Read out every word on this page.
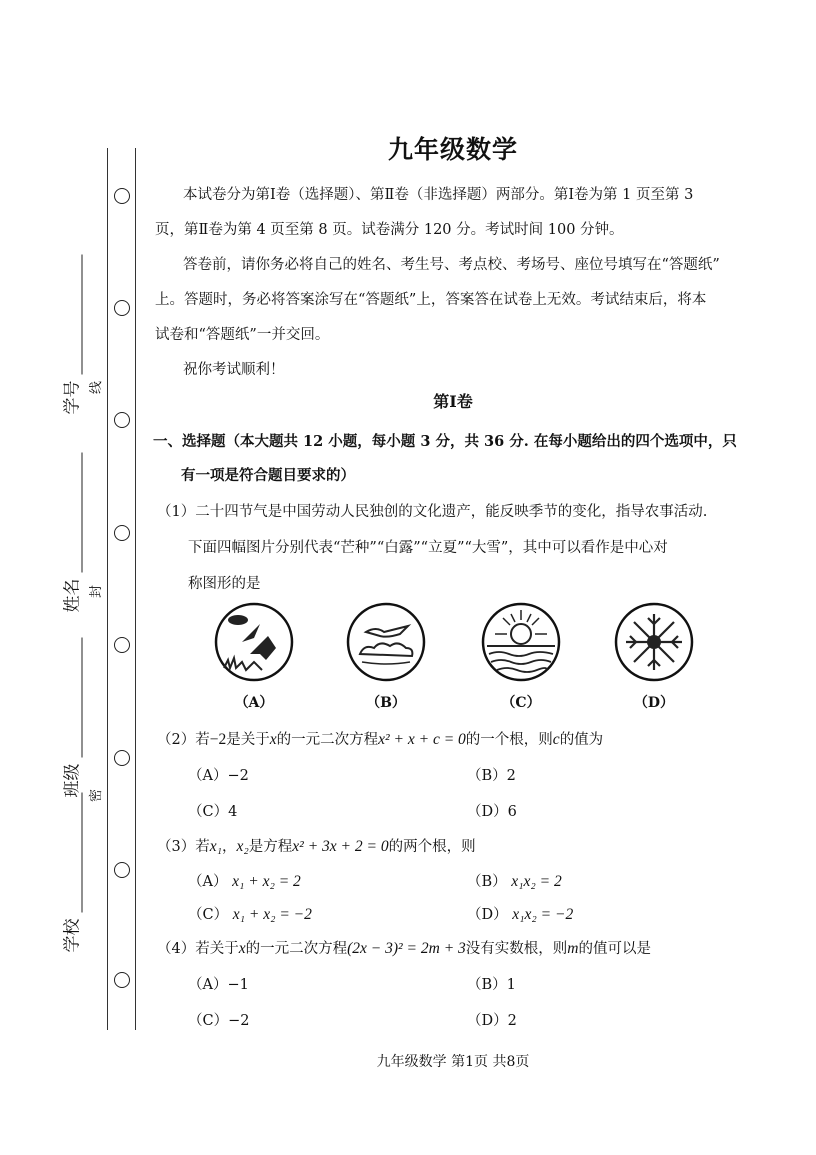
学号
姓名
班级
学校
线
封
密
九年级数学
本试卷分为第Ⅰ卷（选择题）、第Ⅱ卷（非选择题）两部分。第Ⅰ卷为第 1 页至第 3
页，第Ⅱ卷为第 4 页至第 8 页。试卷满分 120 分。考试时间 100 分钟。
答卷前，请你务必将自己的姓名、考生号、考点校、考场号、座位号填写在“答题纸”
上。答题时，务必将答案涂写在“答题纸”上，答案答在试卷上无效。考试结束后，将本
试卷和“答题纸”一并交回。
祝你考试顺利！
第Ⅰ卷
一、选择题（本大题共 12 小题，每小题 3 分，共 36 分. 在每小题给出的四个选项中，只
有一项是符合题目要求的）
（1）二十四节气是中国劳动人民独创的文化遗产，能反映季节的变化，指导农事活动.
下面四幅图片分别代表“芒种”“白露”“立夏”“大雪”，其中可以看作是中心对
称图形的是
（A）	（B）	（C）	（D）
（2）若−2是关于x的一元二次方程x² + x + c = 0的一个根，则c的值为
（A）−2	（B）2
（C）4	（D）6
（3）若x₁，x₂是方程x² + 3x + 2 = 0的两个根，则
（A） x₁ + x₂ = 2	（B） x₁x₂ = 2
（C） x₁ + x₂ = −2	（D） x₁x₂ = −2
（4）若关于x的一元二次方程(2x − 3)² = 2m + 3没有实数根，则m的值可以是
（A）−1	（B）1
（C）−2	（D）2
九年级数学 第1页 共8页
